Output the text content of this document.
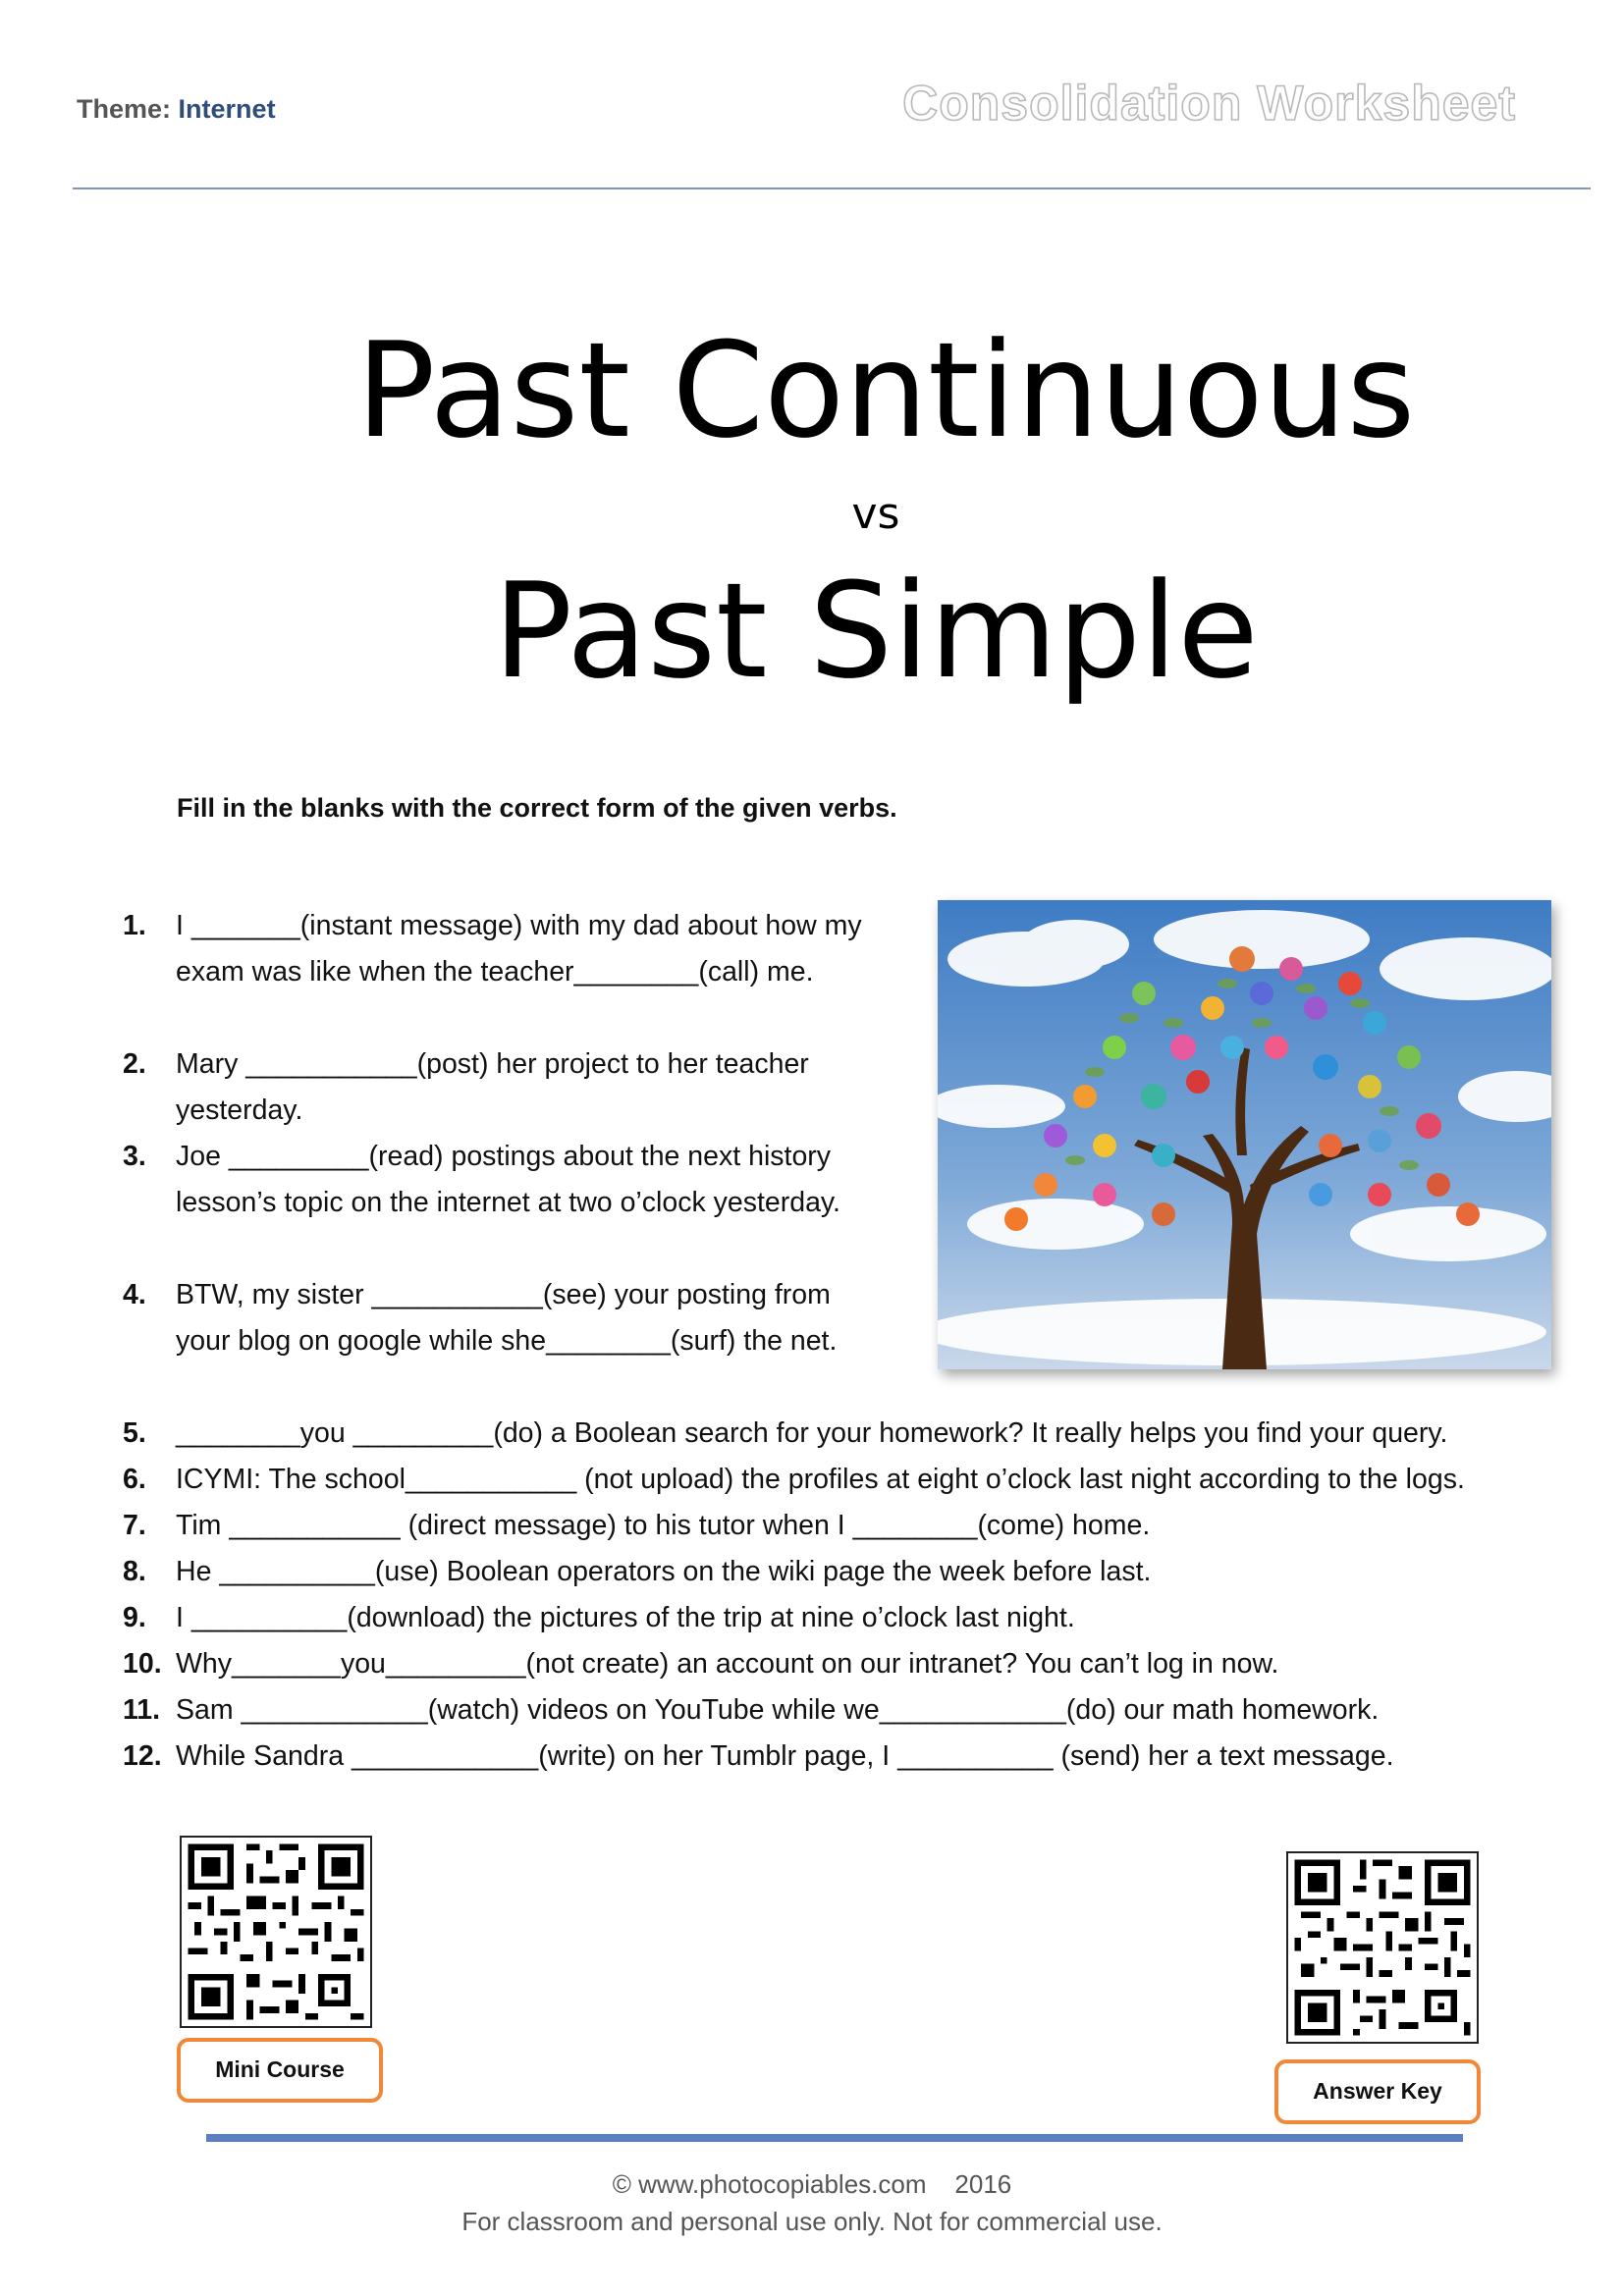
Theme: Internet	Consolidation Worksheet
Past Continuous
vs
Past Simple
Fill in the blanks with the correct form of the given verbs.
1.	I _______(instant message) with my dad about how my exam was like when the teacher________(call) me.
2.	Mary ___________(post) her project to her teacher yesterday.
3.	Joe _________(read) postings about the next history lesson’s topic on the internet at two o’clock yesterday.
4.	BTW, my sister ___________(see) your posting from your blog on google while she________(surf) the net.
5.	________you _________(do) a Boolean search for your homework? It really helps you find your query.
6.	ICYMI: The school___________ (not upload) the profiles at eight o’clock last night according to the logs.
7.	Tim ___________ (direct message) to his tutor when I ________(come) home.
8.	He __________(use) Boolean operators on the wiki page the week before last.
9.	I __________(download) the pictures of the trip at nine o’clock last night.
10. Why_______you_________(not create) an account on our intranet? You can’t log in now.
11. Sam ____________(watch) videos on YouTube while we____________(do) our math homework.
12. While Sandra ____________(write) on her Tumblr page, I __________ (send) her a text message.
Mini Course
Answer Key
© www.photocopiables.com    2016
For classroom and personal use only. Not for commercial use.
